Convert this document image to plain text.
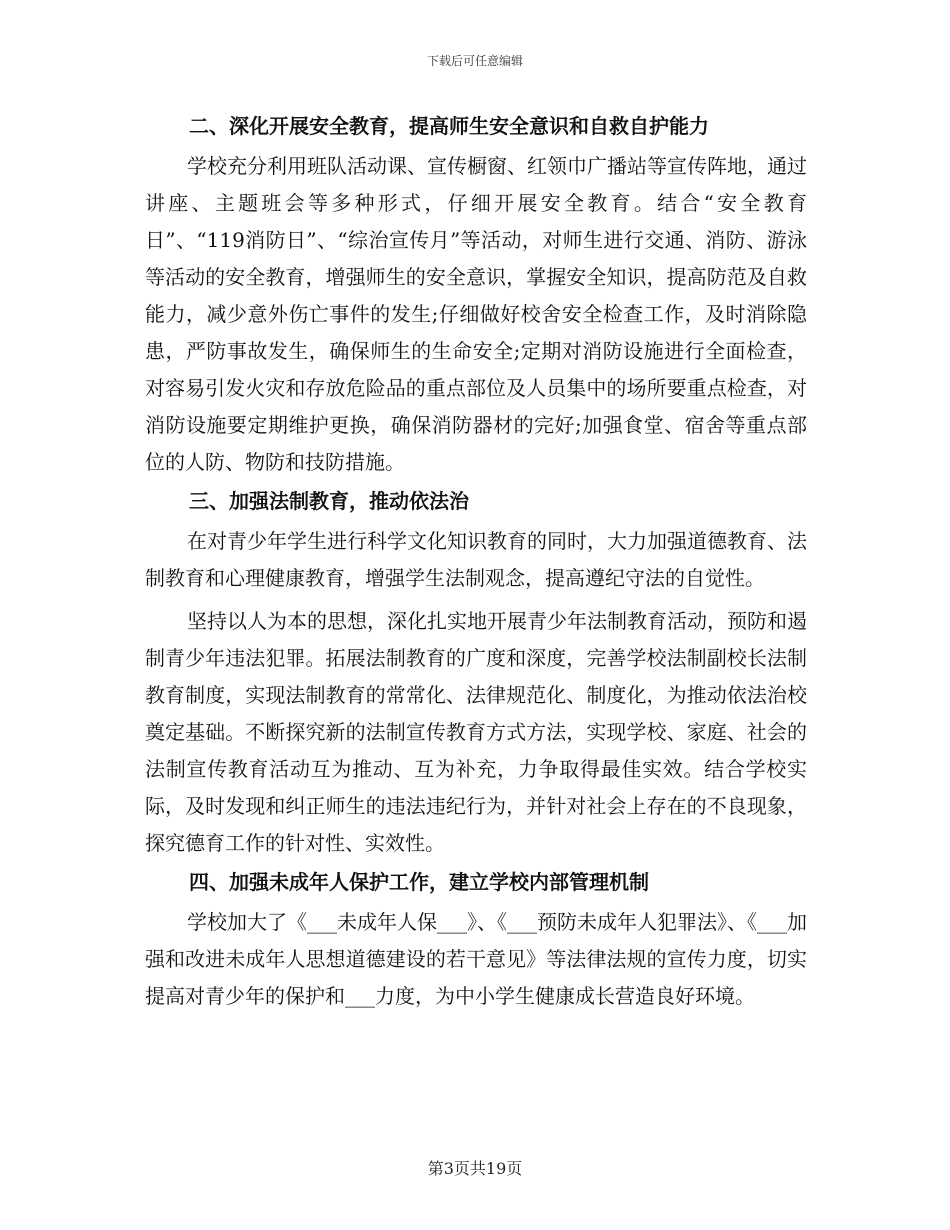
下载后可任意编辑
二、深化开展安全教育，提高师生安全意识和自救自护能力

学校充分利用班队活动课、宣传橱窗、红领巾广播站等宣传阵地，通过讲座、主题班会等多种形式，仔细开展安全教育。结合“安全教育日”、“119消防日”、“综治宣传月”等活动，对师生进行交通、消防、游泳等活动的安全教育，增强师生的安全意识，掌握安全知识，提高防范及自救能力，减少意外伤亡事件的发生;仔细做好校舍安全检查工作，及时消除隐患，严防事故发生，确保师生的生命安全;定期对消防设施进行全面检查，对容易引发火灾和存放危险品的重点部位及人员集中的场所要重点检查，对消防设施要定期维护更换，确保消防器材的完好;加强食堂、宿舍等重点部位的人防、物防和技防措施。

三、加强法制教育，推动依法治

在对青少年学生进行科学文化知识教育的同时，大力加强道德教育、法制教育和心理健康教育，增强学生法制观念，提高遵纪守法的自觉性。

坚持以人为本的思想，深化扎实地开展青少年法制教育活动，预防和遏制青少年违法犯罪。拓展法制教育的广度和深度，完善学校法制副校长法制教育制度，实现法制教育的常常化、法律规范化、制度化，为推动依法治校奠定基础。不断探究新的法制宣传教育方式方法，实现学校、家庭、社会的法制宣传教育活动互为推动、互为补充，力争取得最佳实效。结合学校实际，及时发现和纠正师生的违法违纪行为，并针对社会上存在的不良现象，探究德育工作的针对性、实效性。

四、加强未成年人保护工作，建立学校内部管理机制

学校加大了《___未成年人保___》、《___预防未成年人犯罪法》、《___加强和改进未成年人思想道德建设的若干意见》等法律法规的宣传力度，切实提高对青少年的保护和___力度，为中小学生健康成长营造良好环境。

第3页共19页
